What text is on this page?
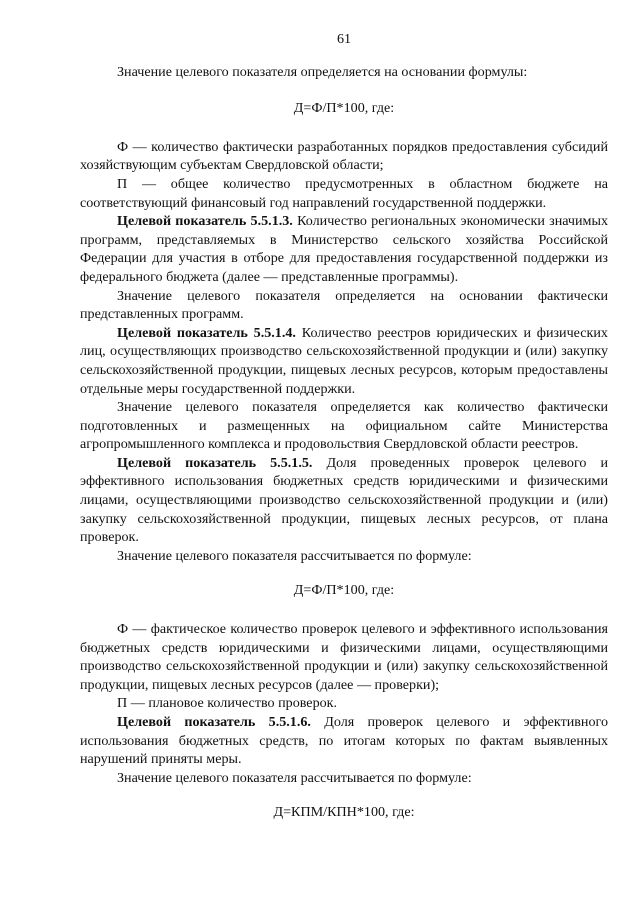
61

Значение целевого показателя определяется на основании формулы:

Д=Ф/П*100, где:

Ф — количество фактически разработанных порядков предоставления субсидий хозяйствующим субъектам Свердловской области;

П — общее количество предусмотренных в областном бюджете на соответствующий финансовый год направлений государственной поддержки.

Целевой показатель 5.5.1.3. Количество региональных экономически значимых программ, представляемых в Министерство сельского хозяйства Российской Федерации для участия в отборе для предоставления государственной поддержки из федерального бюджета (далее — представленные программы).

Значение целевого показателя определяется на основании фактически представленных программ.

Целевой показатель 5.5.1.4. Количество реестров юридических и физических лиц, осуществляющих производство сельскохозяйственной продукции и (или) закупку сельскохозяйственной продукции, пищевых лесных ресурсов, которым предоставлены отдельные меры государственной поддержки.

Значение целевого показателя определяется как количество фактически подготовленных и размещенных на официальном сайте Министерства агропромышленного комплекса и продовольствия Свердловской области реестров.

Целевой показатель 5.5.1.5. Доля проведенных проверок целевого и эффективного использования бюджетных средств юридическими и физическими лицами, осуществляющими производство сельскохозяйственной продукции и (или) закупку сельскохозяйственной продукции, пищевых лесных ресурсов, от плана проверок.

Значение целевого показателя рассчитывается по формуле:

Д=Ф/П*100, где:

Ф — фактическое количество проверок целевого и эффективного использования бюджетных средств юридическими и физическими лицами, осуществляющими производство сельскохозяйственной продукции и (или) закупку сельскохозяйственной продукции, пищевых лесных ресурсов (далее — проверки);

П — плановое количество проверок.

Целевой показатель 5.5.1.6. Доля проверок целевого и эффективного использования бюджетных средств, по итогам которых по фактам выявленных нарушений приняты меры.

Значение целевого показателя рассчитывается по формуле:

Д=КПМ/КПН*100, где:
